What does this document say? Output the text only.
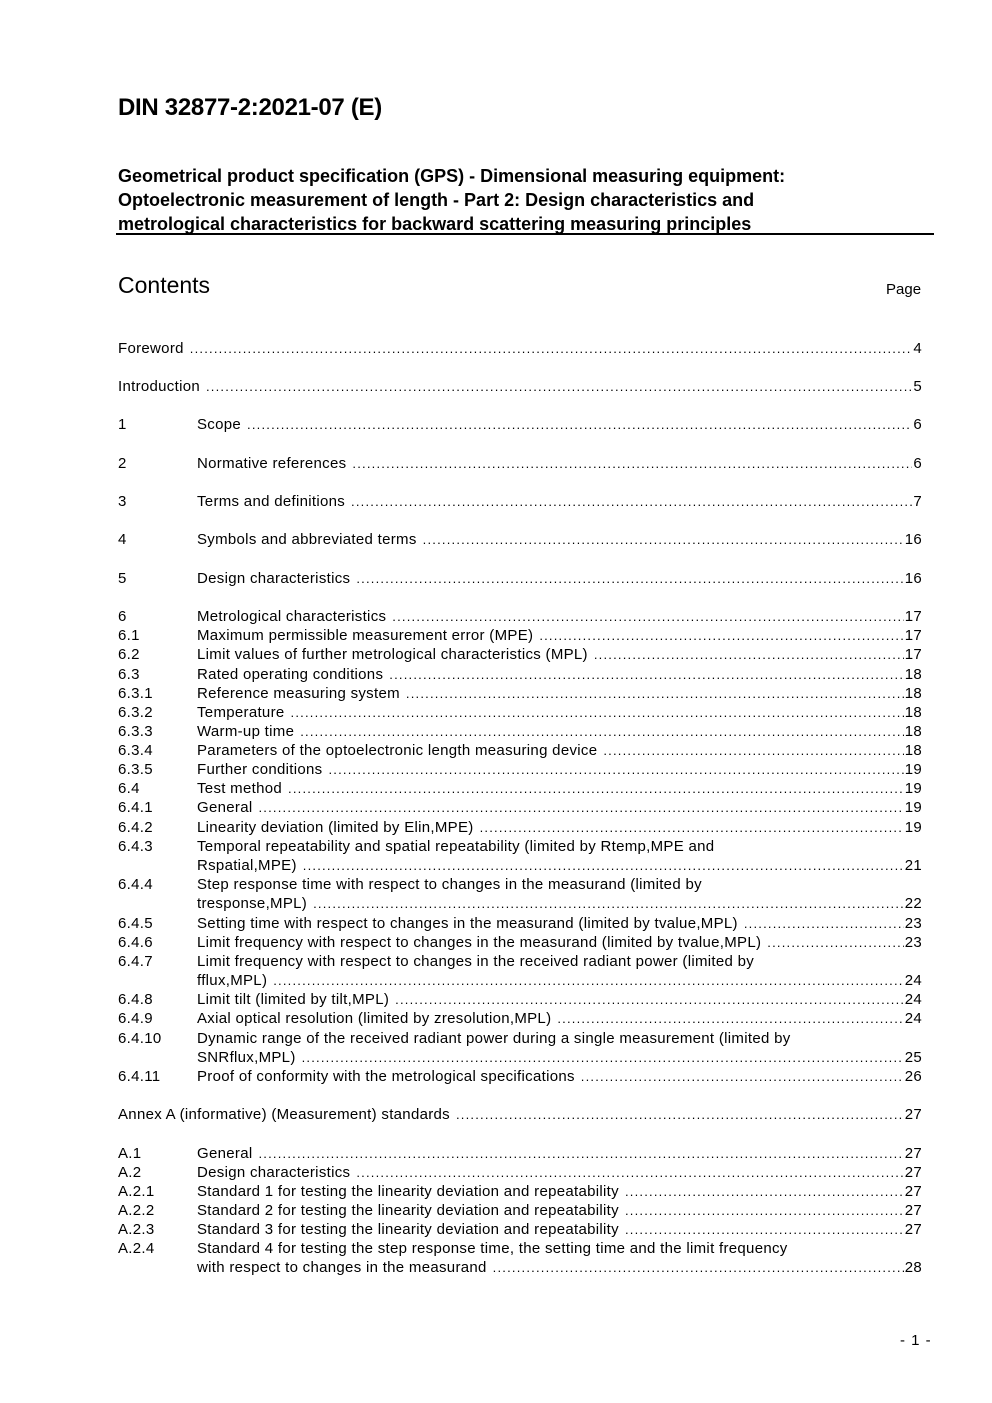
DIN 32877-2:2021-07 (E)
Geometrical product specification (GPS) - Dimensional measuring equipment:
Optoelectronic measurement of length - Part 2: Design characteristics and
metrological characteristics for backward scattering measuring principles
Contents	Page
Foreword .....	4
Introduction .....	5
1	Scope .....	6
2	Normative references .....	6
3	Terms and definitions .....	7
4	Symbols and abbreviated terms .....	16
5	Design characteristics .....	16
6	Metrological characteristics .....	17
6.1	Maximum permissible measurement error (MPE) .....	17
6.2	Limit values of further metrological characteristics (MPL) .....	17
6.3	Rated operating conditions .....	18
6.3.1	Reference measuring system .....	18
6.3.2	Temperature .....	18
6.3.3	Warm-up time .....	18
6.3.4	Parameters of the optoelectronic length measuring device .....	18
6.3.5	Further conditions .....	19
6.4	Test method .....	19
6.4.1	General .....	19
6.4.2	Linearity deviation (limited by Elin,MPE) .....	19
6.4.3	Temporal repeatability and spatial repeatability (limited by Rtemp,MPE and
Rspatial,MPE) .....	21
6.4.4	Step response time with respect to changes in the measurand (limited by
tresponse,MPL) .....	22
6.4.5	Setting time with respect to changes in the measurand (limited by tvalue,MPL) .....	23
6.4.6	Limit frequency with respect to changes in the measurand (limited by tvalue,MPL) .....	23
6.4.7	Limit frequency with respect to changes in the received radiant power (limited by
fflux,MPL) .....	24
6.4.8	Limit tilt (limited by tilt,MPL) .....	24
6.4.9	Axial optical resolution (limited by zresolution,MPL) .....	24
6.4.10	Dynamic range of the received radiant power during a single measurement (limited by
SNRflux,MPL) .....	25
6.4.11	Proof of conformity with the metrological specifications .....	26
Annex A (informative) (Measurement) standards .....	27
A.1	General .....	27
A.2	Design characteristics .....	27
A.2.1	Standard 1 for testing the linearity deviation and repeatability .....	27
A.2.2	Standard 2 for testing the linearity deviation and repeatability .....	27
A.2.3	Standard 3 for testing the linearity deviation and repeatability .....	27
A.2.4	Standard 4 for testing the step response time, the setting time and the limit frequency
with respect to changes in the measurand .....	28
- 1 -
